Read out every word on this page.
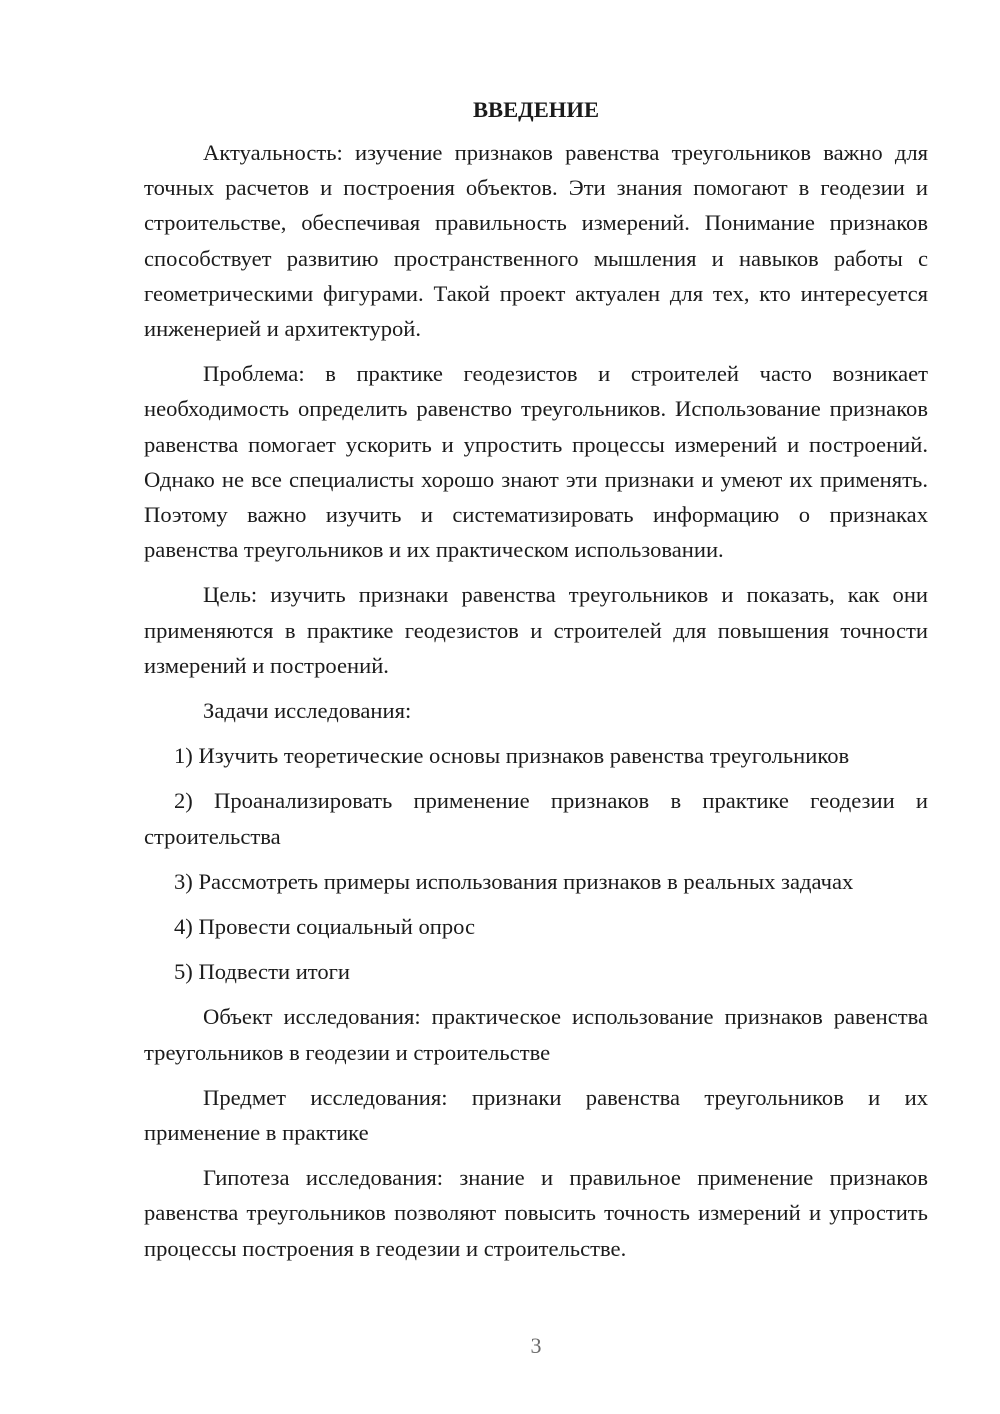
ВВЕДЕНИЕ

Актуальность: изучение признаков равенства треугольников важно для точных расчетов и построения объектов. Эти знания помогают в геодезии и строительстве, обеспечивая правильность измерений. Понимание признаков способствует развитию пространственного мышления и навыков работы с геометрическими фигурами. Такой проект актуален для тех, кто интересуется инженерией и архитектурой.

Проблема: в практике геодезистов и строителей часто возникает необходимость определить равенство треугольников. Использование признаков равенства помогает ускорить и упростить процессы измерений и построений. Однако не все специалисты хорошо знают эти признаки и умеют их применять. Поэтому важно изучить и систематизировать информацию о признаках равенства треугольников и их практическом использовании.

Цель: изучить признаки равенства треугольников и показать, как они применяются в практике геодезистов и строителей для повышения точности измерений и построений.

Задачи исследования:

1) Изучить теоретические основы признаков равенства треугольников

2) Проанализировать применение признаков в практике геодезии и строительства

3) Рассмотреть примеры использования признаков в реальных задачах

4) Провести социальный опрос

5) Подвести итоги

Объект исследования: практическое использование признаков равенства треугольников в геодезии и строительстве

Предмет исследования: признаки равенства треугольников и их применение в практике

Гипотеза исследования: знание и правильное применение признаков равенства треугольников позволяют повысить точность измерений и упростить процессы построения в геодезии и строительстве.

3
